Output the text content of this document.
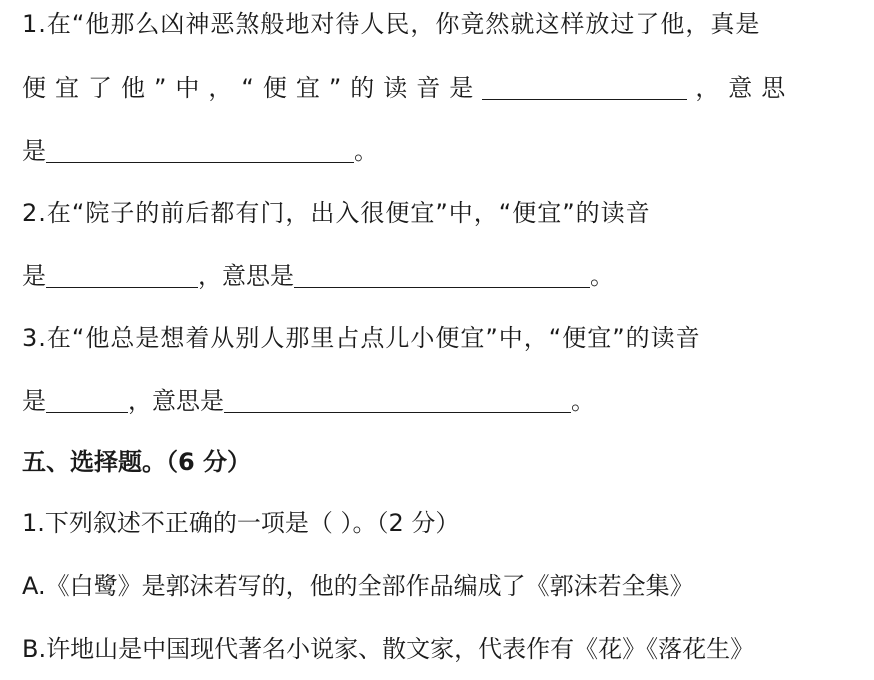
1.在“他那么凶神恶煞般地对待人民，你竟然就这样放过了他，真是
便宜了他”中，“便宜”的读音是	，意思
是	。
2.在“院子的前后都有门，出入很便宜”中，“便宜”的读音
是	，意思是	。
3.在“他总是想着从别人那里占点儿小便宜”中，“便宜”的读音
是	，意思是	。
五、选择题。（6 分）
1.下列叙述不正确的一项是（ ）。（2 分）
A.《白鹭》是郭沫若写的，他的全部作品编成了《郭沫若全集》
B.许地山是中国现代著名小说家、散文家，代表作有《花》《落花生》
